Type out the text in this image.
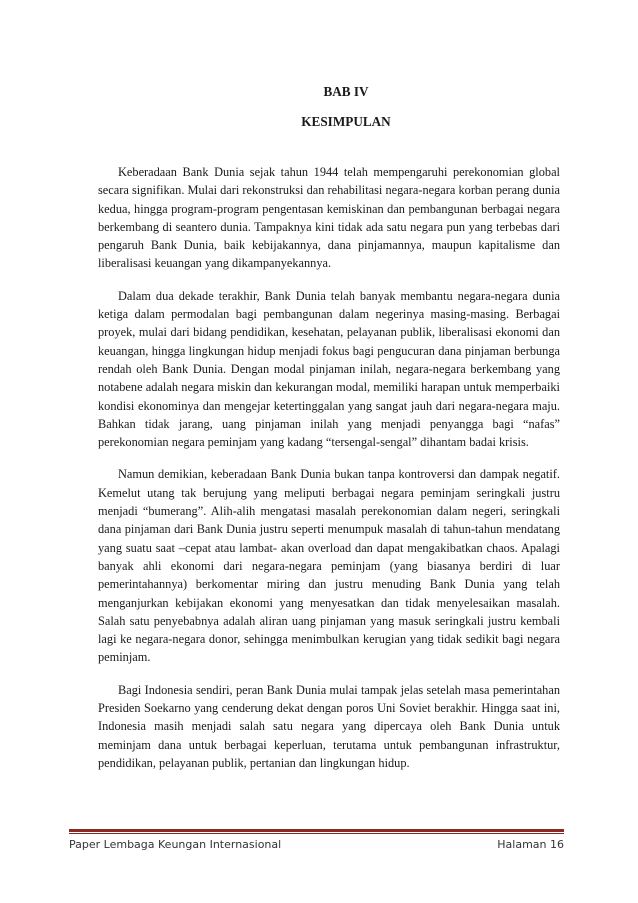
BAB IV
KESIMPULAN

Keberadaan Bank Dunia sejak tahun 1944 telah mempengaruhi perekonomian global secara signifikan. Mulai dari rekonstruksi dan rehabilitasi negara-negara korban perang dunia kedua, hingga program-program pengentasan kemiskinan dan pembangunan berbagai negara berkembang di seantero dunia. Tampaknya kini tidak ada satu negara pun yang terbebas dari pengaruh Bank Dunia, baik kebijakannya, dana pinjamannya, maupun kapitalisme dan liberalisasi keuangan yang dikampanyekannya.

Dalam dua dekade terakhir, Bank Dunia telah banyak membantu negara-negara dunia ketiga dalam permodalan bagi pembangunan dalam negerinya masing-masing. Berbagai proyek, mulai dari bidang pendidikan, kesehatan, pelayanan publik, liberalisasi ekonomi dan keuangan, hingga lingkungan hidup menjadi fokus bagi pengucuran dana pinjaman berbunga rendah oleh Bank Dunia. Dengan modal pinjaman inilah, negara-negara berkembang yang notabene adalah negara miskin dan kekurangan modal, memiliki harapan untuk memperbaiki kondisi ekonominya dan mengejar ketertinggalan yang sangat jauh dari negara-negara maju. Bahkan tidak jarang, uang pinjaman inilah yang menjadi penyangga bagi “nafas” perekonomian negara peminjam yang kadang “tersengal-sengal” dihantam badai krisis.

Namun demikian, keberadaan Bank Dunia bukan tanpa kontroversi dan dampak negatif. Kemelut utang tak berujung yang meliputi berbagai negara peminjam seringkali justru menjadi “bumerang”. Alih-alih mengatasi masalah perekonomian dalam negeri, seringkali dana pinjaman dari Bank Dunia justru seperti menumpuk masalah di tahun-tahun mendatang yang suatu saat –cepat atau lambat- akan overload dan dapat mengakibatkan chaos. Apalagi banyak ahli ekonomi dari negara-negara peminjam (yang biasanya berdiri di luar pemerintahannya) berkomentar miring dan justru menuding Bank Dunia yang telah menganjurkan kebijakan ekonomi yang menyesatkan dan tidak menyelesaikan masalah. Salah satu penyebabnya adalah aliran uang pinjaman yang masuk seringkali justru kembali lagi ke negara-negara donor, sehingga menimbulkan kerugian yang tidak sedikit bagi negara peminjam.

Bagi Indonesia sendiri, peran Bank Dunia mulai tampak jelas setelah masa pemerintahan Presiden Soekarno yang cenderung dekat dengan poros Uni Soviet berakhir. Hingga saat ini, Indonesia masih menjadi salah satu negara yang dipercaya oleh Bank Dunia untuk meminjam dana untuk berbagai keperluan, terutama untuk pembangunan infrastruktur, pendidikan, pelayanan publik, pertanian dan lingkungan hidup.

Paper Lembaga Keungan Internasional	Halaman 16
